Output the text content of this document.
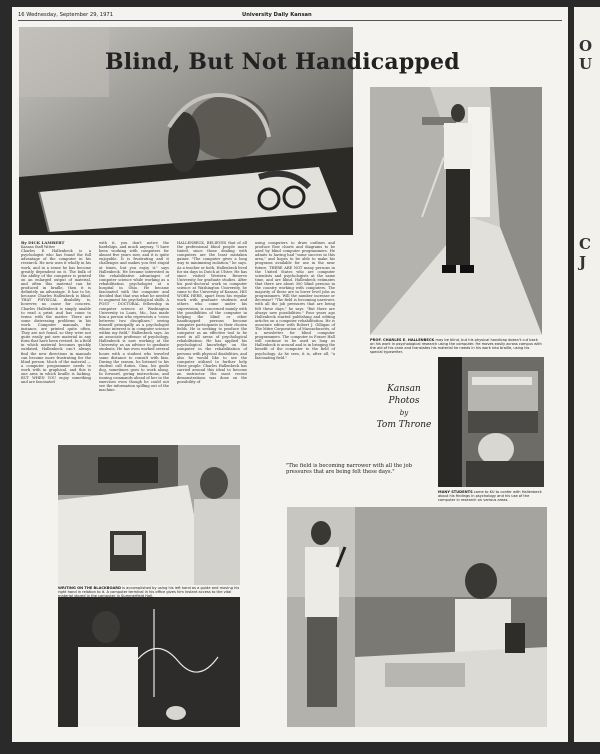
16 Wednesday, September 29, 1971	University Daily Kansan
Blind, But Not Handicapped
PROF. CHARLES E. HALLENBECK may be blind, but his physical handicap doesn't cut back on his work in psychological research using the computer. He moves easily across campus with the aid of his cane and translates his material he needs in his work into braille, using his special typewriter.
Kansan
Photos
by
Tom Throne
MANY STUDENTS come to KU to confer with Hallenbeck about his findings in psychology and his use of the computer in research on various areas.
By DICK LAMBERT
Kansan Staff Writer

Charles E. Hallenbeck is a psychologist who has found the full advantage of the computer in his research. He now uses it wholly in his work, and in a sense he has become greatly dependent on it. The bulk of the ability of the computer is printed on an enlarged output of material, and often this material can be produced in braille, then it is definitely an advantage. It has to be, because Charles Hallenbeck is blind. THAT PHYSICAL disability is, however, no cause for concern. Charles Hallenbeck is simply unable to read a print, and has come to terms with the matter. There are some distressing problems in his work. Computer manuals, for instance, are printed quite often. They are not found, so they were not quite easily put new material in any form that have been revised. In a field in which material becomes quickly outdated, Hallenbeck can't always find the new directions in manuals can become more frustrating for the blind person. Much of the material — a computer programmer needs to work with in graphical, and this is one area in which braille is lacking. BUT WHEN YOU enjoy something and are fascinated

with it, you don't notice the hardships, and much anyway. "I have been working with computers for almost five years now, and it is quite enjoyable. It is frustrating and it challenges and makes you feel stupid at times, but you enjoy it," says Hallenbeck. He became interested in the rehabilitative advantages of computer science while working as a rehabilitation psychologist at a hospital in Ohio. He became fascinated with the computer and decided that that was what he needed to augment his psychological skills. A POST - DOCTORAL fellowship in computer science at Washington University in Louis, Mo., has made him a person who represents a "cross between two disciplines," seeing himself principally as a psychologist whose interest is in computer science within my field," Hallenbeck says. As an associate professor of psychology, Hallenbeck is now working at the University as an advisor to graduate students. He has even worked several hours with a student who traveled some distance to consult with him. During the season, he listened to his student call duties. Gina, his guide dog, sometimes goes to work along. In forward, giving instructions, and issuing commands ahead of her in the exercises even though he could not see the information spilling out of the machine.

HALLENBECK, BELIEVES that of all the professional blind people more tinted, since those dealing with computers are the least mistaken gainer. "The computer gives a long way to minimizing isolation," he says. As a teacher or both, Hallenbeck lived for six days in Dutch at Ulster. He has since visited Western Reserve University for graduate studies. After his post-doctoral work in computer science at Washington University, he came to the University of Kansas. HIS WORK HERE, apart from his regular work with graduate students and others who come under his supervision, is concerned mainly with the possibilities of the computer in helping the blind or other handicapped persons become computer participants in their chosen fields. He is seeking to produce the computer as an effective tool to be used in all areas of psychological rehabilitation. He has applied his psychological knowledge on the computer in the rehabilitation of persons with physical disabilities, and also he would like to see the computer utilized to further help these people. Charles Hallenbeck has carried around this ideal to become an instructor. His most recent demonstrations was done on the possibility of

using computers to draw outlines and produce flow charts and diagrams to be used by blind computer programmers. He admits to having had "some success in this area," and hopes to be able to make his programs available for use in the near future. THERE ARE NOT many persons in the United States who are computer scientists and psychologists at the same time, and are blind. Hallenbeck estimates that there are about 300 blind persons in the country working with computers. The majority of these are in lower level jobs as programmers. Will the number increase or decrease? "The field is becoming narrower, with all the job pressures that are being felt these days," he says. "But there are always new possibilities." Four years ago Hallenbeck started publishing and editing articles on a computer rehabilitation. He is associate editor with Robert J. Gilligan of The Mitre Corporation of Massachusetts, of a newsletter for blind computer programmers. The computer in Fraser Hall will continue to be used as long as Hallenbeck is around and is in bringing the benefit of the computer to the field of psychology. As he sees, it is, after all, "a fascinating field."

"The field is becoming narrower with all the job pressures that are being felt these days."
WRITING ON THE BLACKBOARD is accomplished by using his left hand as a guide and moving his right hand in relation to it. A computer terminal in his office gives him instant access to the vital material stored in the computer in Summerfield Hall.
O
U
C
J
